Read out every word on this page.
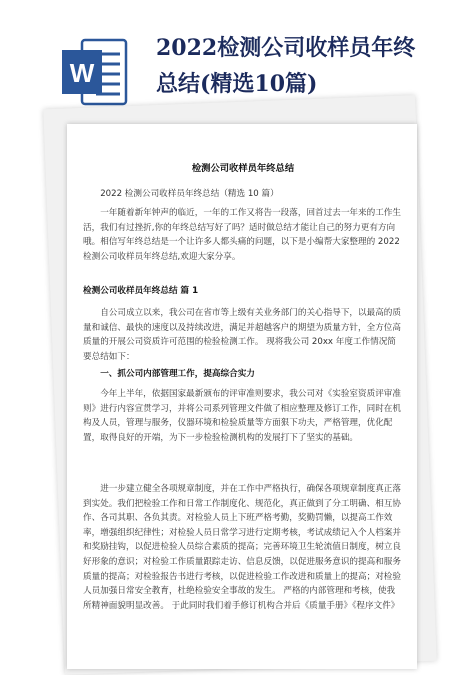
W
2022检测公司收样员年终
总结(精选10篇)
检测公司收样员年终总结

2022 检测公司收样员年终总结（精选 10 篇）

一年随着新年钟声的临近，一年的工作又将告一段落，回首过去一年来的工作生活，我们有过挫折,你的年终总结写好了吗？适时做总结才能让自己的努力更有方向哦。相信写年终总结是一个让许多人都头痛的问题，以下是小编帮大家整理的 2022 检测公司收样员年终总结,欢迎大家分享。

检测公司收样员年终总结 篇 1

自公司成立以来，我公司在省市等上级有关业务部门的关心指导下，以最高的质量和诚信、最快的速度以及持续改进，满足并超越客户的期望为质量方针，全方位高质量的开展公司资质许可范围的检验检测工作。 现将我公司 20xx 年度工作情况简要总结如下：

一、抓公司内部管理工作，提高综合实力

今年上半年，依据国家最新颁布的评审准则要求，我公司对《实验室资质评审准则》进行内容宣贯学习，并将公司系列管理文件做了相应整理及修订工作，同时在机构及人员，管理与服务，仪器环境和检验质量等方面狠下功夫，严格管理，优化配置，取得良好的开端，为下一步检验检测机构的发展打下了坚实的基础。

进一步建立健全各项规章制度，并在工作中严格执行，确保各项规章制度真正落到实处。我们把检验工作和日常工作制度化、规范化，真正做到了分工明确、相互协作、各司其职、各负其责。对检验人员上下班严格考勤，奖勤罚懒，以提高工作效率，增强组织纪律性；对检验人员日常学习进行定期考核，考试成绩记入个人档案并和奖励挂钩，以促进检验人员综合素质的提高；完善环境卫生轮流值日制度，树立良好形象的意识；对检验工作质量跟踪走访、信息反馈，以促进服务意识的提高和服务质量的提高；对检验报告书进行考核，以促进检验工作改进和质量上的提高；对检验人员加强日常安全教育，杜绝检验安全事故的发生。 严格的内部管理和考核，使我所精神面貌明显改善。 于此同时我们着手修订机构合并后《质量手册》《程序文件》
